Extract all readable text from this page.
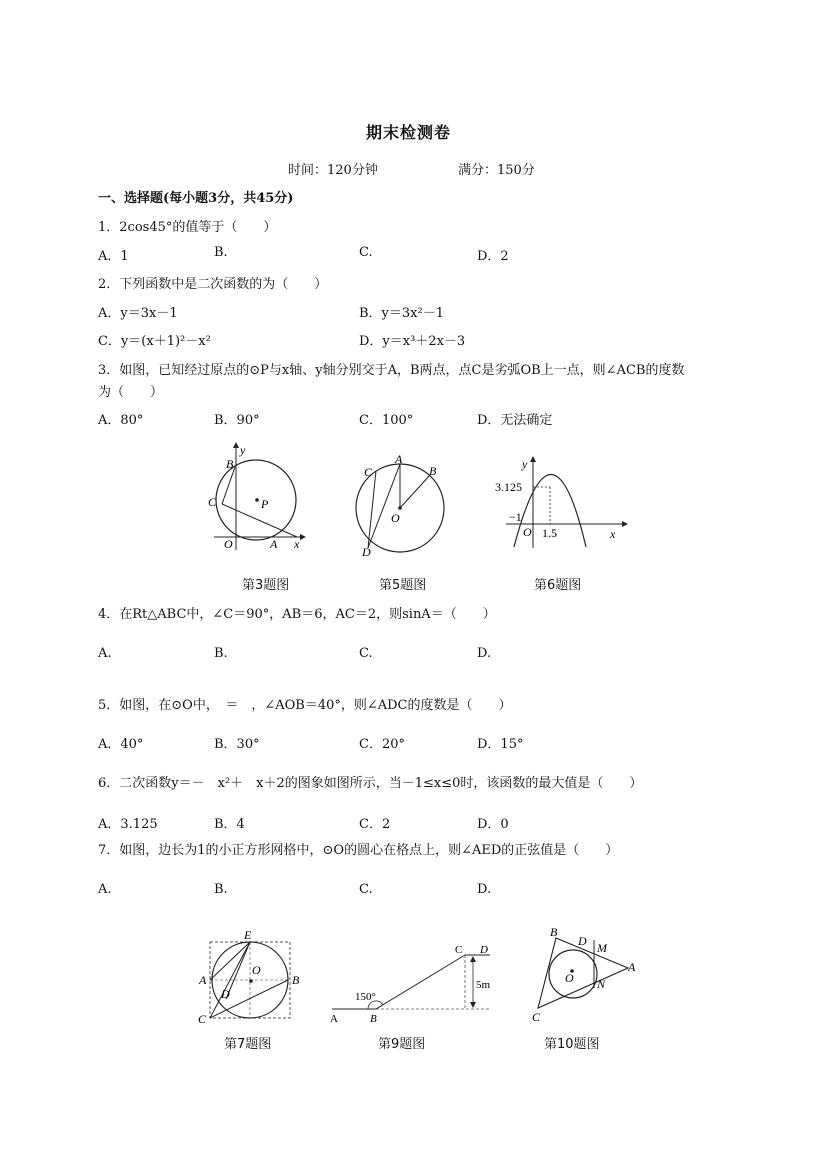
期末检测卷
时间：120分钟	满分：150分
一、选择题(每小题3分，共45分)
1．2cos45°的值等于（　　）
A．1	B.	C.	D．2
2．下列函数中是二次函数的为（　　）
A．y＝3x－1	B．y＝3x²－1
C．y＝(x＋1)²－x²	D．y＝x³＋2x－3
3．如图，已知经过原点的⊙P与x轴、y轴分别交于A，B两点，点C是劣弧OB上一点，则∠ACB的度数
为（　　）
A．80°	B．90°	C．100°	D．无法确定
y
B
C	P
O	A x
C
A
B
O
D
y
3.125
−1
O 1.5	x
第3题图	第5题图	第6题图
4．在Rt△ABC中，∠C＝90°，AB＝6，AC＝2，则sinA＝（　　）
A.	B.	C.	D.
5．如图，在⊙O中，　＝　，∠AOB＝40°，则∠ADC的度数是（　　）
A．40°	B．30°	C．20°	D．15°
6．二次函数y＝－　x²＋　x＋2的图象如图所示，当－1≤x≤0时，该函数的最大值是（　　）
A．3.125	B．4	C．2	D．0
7．如图，边长为1的小正方形网格中，⊙O的圆心在格点上，则∠AED的正弦值是（　　）
A.	B.	C.	D.
E
A
O
B
D
C
C D
5m
150°
A	B
B
D M
A
O N
C
第7题图	第9题图	第10题图
